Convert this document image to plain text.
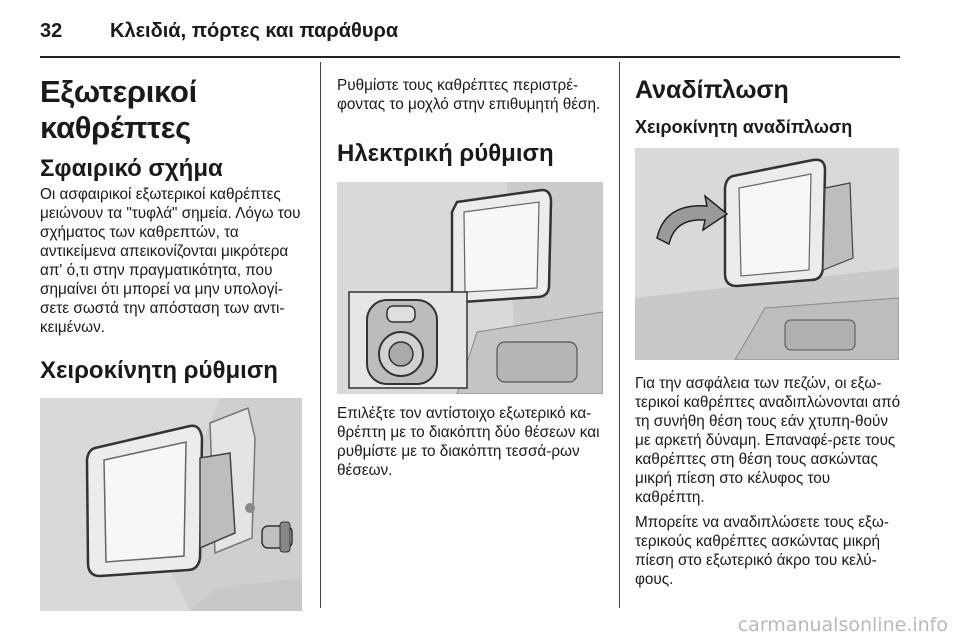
32 Κλειδιά, πόρτες και παράθυρα
Εξωτερικοί καθρέπτες
Σφαιρικό σχήμα

Οι ασφαιρικοί εξωτερικοί καθρέπτες μειώνουν τα "τυφλά" σημεία. Λόγω του σχήματος των καθρεπτών, τα αντικείμενα απεικονίζονται μικρότερα απ' ό,τι στην πραγματικότητα, που σημαίνει ότι μπορεί να μην υπολογί-σετε σωστά την απόσταση των αντι-κειμένων.

Χειροκίνητη ρύθμιση

Ρυθμίστε τους καθρέπτες περιστρέ-φοντας το μοχλό στην επιθυμητή θέση.

Ηλεκτρική ρύθμιση

Επιλέξτε τον αντίστοιχο εξωτερικό κα-θρέπτη με το διακόπτη δύο θέσεων και ρυθμίστε με το διακόπτη τεσσά-ρων θέσεων.

Αναδίπλωση
Χειροκίνητη αναδίπλωση

Για την ασφάλεια των πεζών, οι εξω-τερικοί καθρέπτες αναδιπλώνονται από τη συνήθη θέση τους εάν χτυπη-θούν με αρκετή δύναμη. Επαναφέ-ρετε τους καθρέπτες στη θέση τους ασκώντας μικρή πίεση στο κέλυφος του καθρέπτη.

Μπορείτε να αναδιπλώσετε τους εξω-τερικούς καθρέπτες ασκώντας μικρή πίεση στο εξωτερικό άκρο του κελύ-φους.

carmanualsonline.info
